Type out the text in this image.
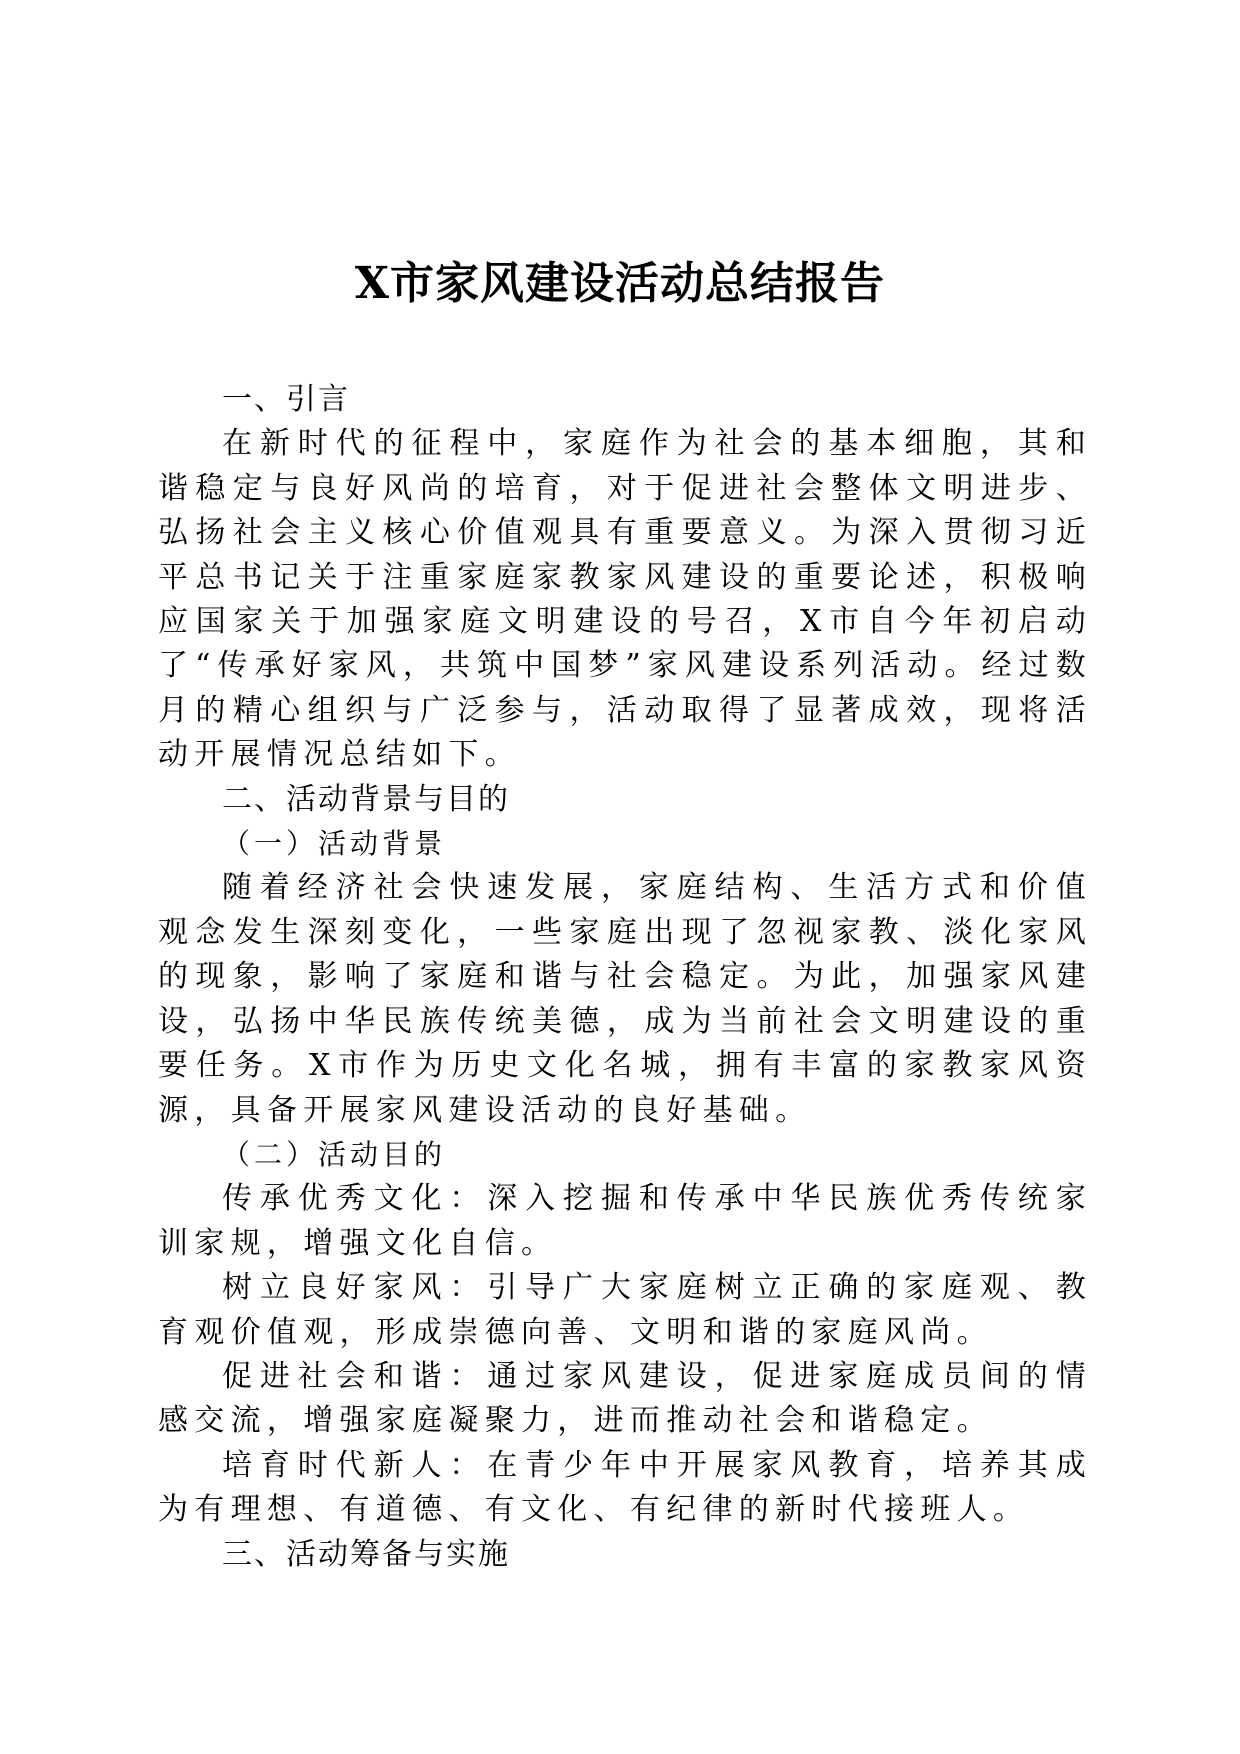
X市家风建设活动总结报告
一、引言

在新时代的征程中，家庭作为社会的基本细胞，其和谐稳定与良好风尚的培育，对于促进社会整体文明进步、弘扬社会主义核心价值观具有重要意义。为深入贯彻习近平总书记关于注重家庭家教家风建设的重要论述，积极响应国家关于加强家庭文明建设的号召，X市自今年初启动了“传承好家风，共筑中国梦”家风建设系列活动。经过数月的精心组织与广泛参与，活动取得了显著成效，现将活动开展情况总结如下。

二、活动背景与目的
（一）活动背景

随着经济社会快速发展，家庭结构、生活方式和价值观念发生深刻变化，一些家庭出现了忽视家教、淡化家风的现象，影响了家庭和谐与社会稳定。为此，加强家风建设，弘扬中华民族传统美德，成为当前社会文明建设的重要任务。X市作为历史文化名城，拥有丰富的家教家风资源，具备开展家风建设活动的良好基础。

（二）活动目的

传承优秀文化：深入挖掘和传承中华民族优秀传统家训家规，增强文化自信。

树立良好家风：引导广大家庭树立正确的家庭观、教育观价值观，形成崇德向善、文明和谐的家庭风尚。

促进社会和谐：通过家风建设，促进家庭成员间的情感交流，增强家庭凝聚力，进而推动社会和谐稳定。

培育时代新人：在青少年中开展家风教育，培养其成为有理想、有道德、有文化、有纪律的新时代接班人。

三、活动筹备与实施
